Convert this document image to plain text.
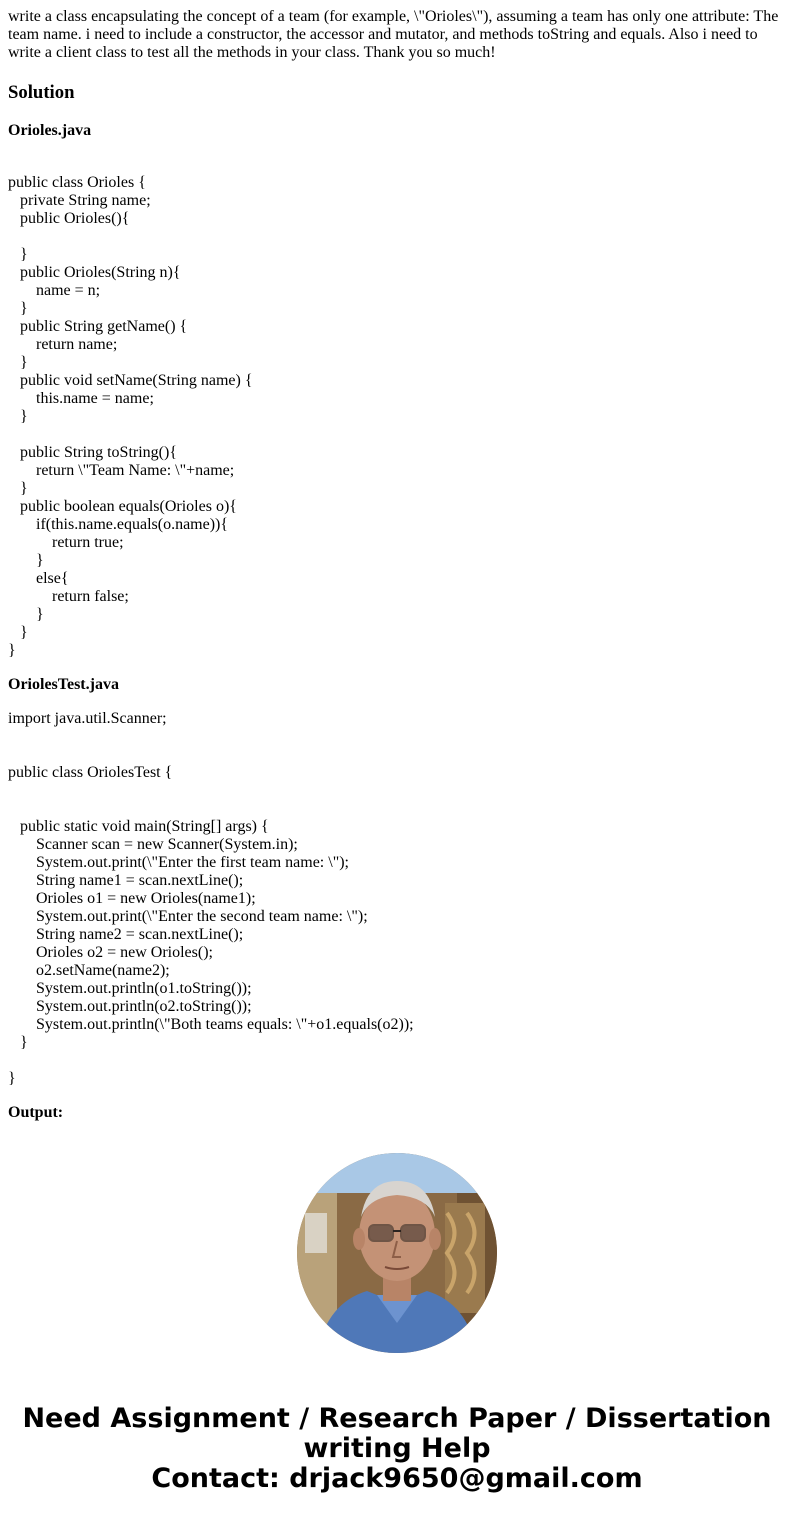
write a class encapsulating the concept of a team (for example, \"Orioles\"), assuming a team has only one attribute: The team name. i need to include a constructor, the accessor and mutator, and methods toString and equals. Also i need to write a client class to test all the methods in your class. Thank you so much!
Solution
Orioles.java
public class Orioles {
private String name;
public Orioles(){

}
public Orioles(String n){
name = n;
}
public String getName() {
return name;
}
public void setName(String name) {
this.name = name;
}

public String toString(){
return \"Team Name: \"+name;
}
public boolean equals(Orioles o){
if(this.name.equals(o.name)){
return true;
}
else{
return false;
}
}
}
OriolesTest.java
import java.util.Scanner;

public class OriolesTest {

public static void main(String[] args) {
Scanner scan = new Scanner(System.in);
System.out.print(\"Enter the first team name: \");
String name1 = scan.nextLine();
Orioles o1 = new Orioles(name1);
System.out.print(\"Enter the second team name: \");
String name2 = scan.nextLine();
Orioles o2 = new Orioles();
o2.setName(name2);
System.out.println(o1.toString());
System.out.println(o2.toString());
System.out.println(\"Both teams equals: \"+o1.equals(o2));
}

}
Output:
Need Assignment / Research Paper / Dissertation
writing Help
Contact: drjack9650@gmail.com
